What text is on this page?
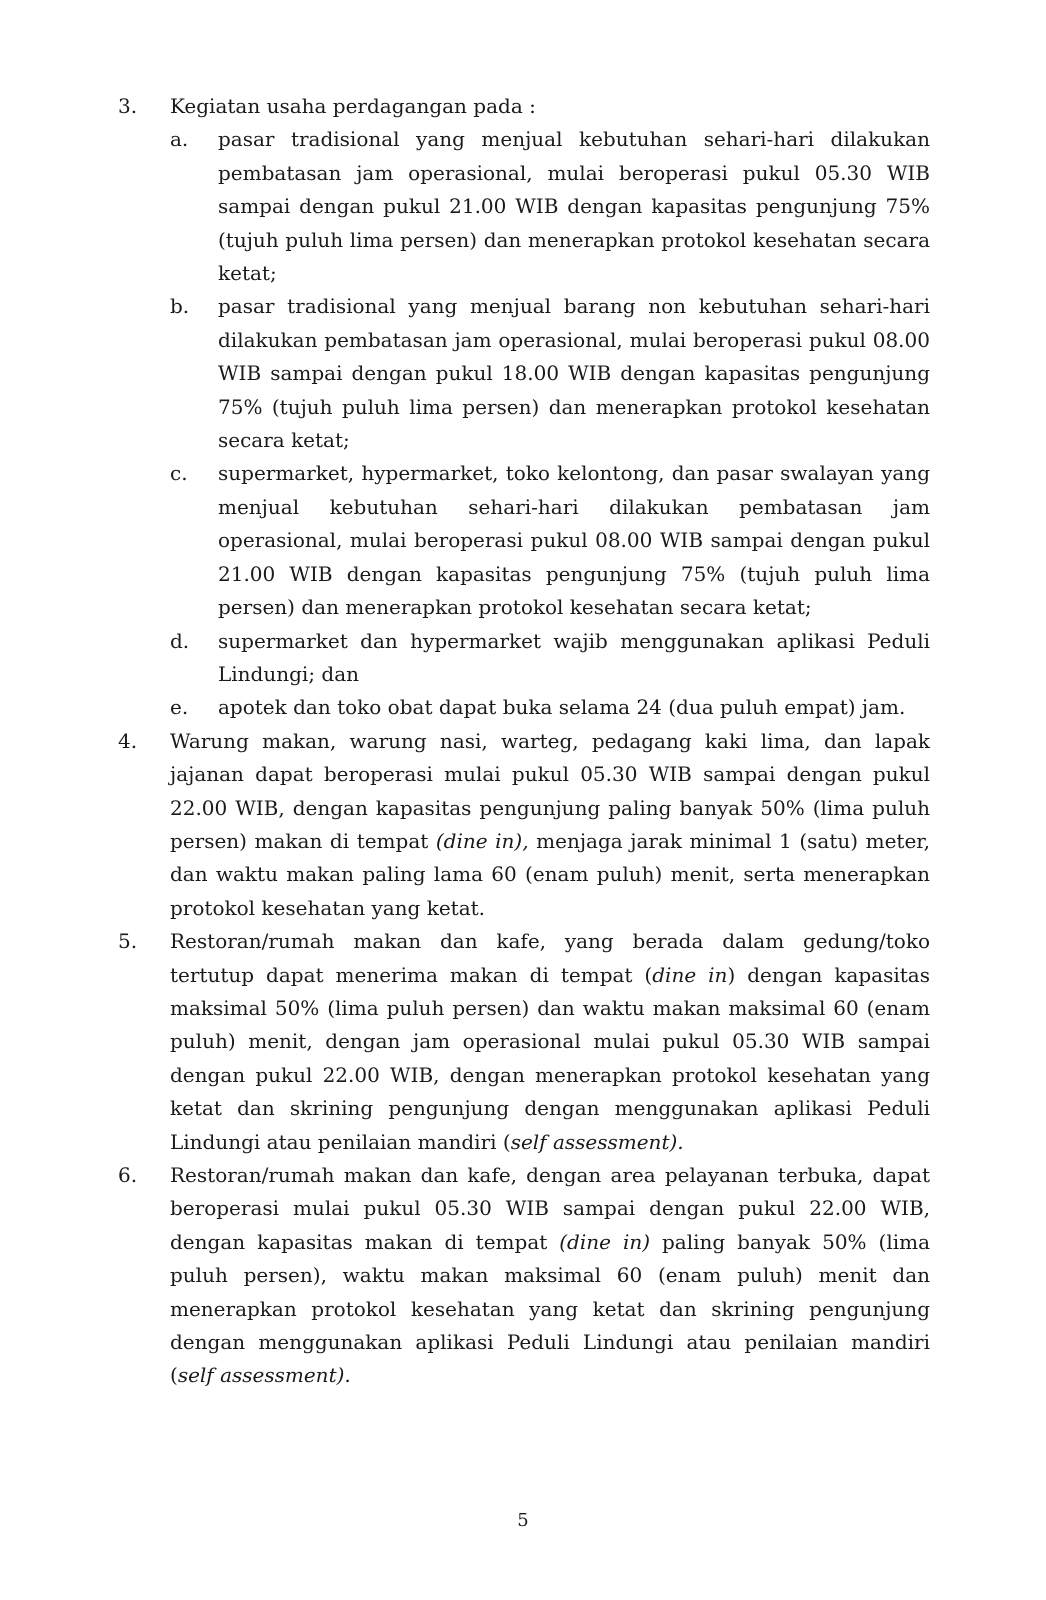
3.	Kegiatan usaha perdagangan pada :
a.	pasar tradisional yang menjual kebutuhan sehari-hari dilakukan pembatasan jam operasional, mulai beroperasi pukul 05.30 WIB sampai dengan pukul 21.00 WIB dengan kapasitas pengunjung 75% (tujuh puluh lima persen) dan menerapkan protokol kesehatan secara ketat;
b.	pasar tradisional yang menjual barang non kebutuhan sehari-hari dilakukan pembatasan jam operasional, mulai beroperasi pukul 08.00 WIB sampai dengan pukul 18.00 WIB dengan kapasitas pengunjung 75% (tujuh puluh lima persen) dan menerapkan protokol kesehatan secara ketat;
c.	supermarket, hypermarket, toko kelontong, dan pasar swalayan yang menjual kebutuhan sehari-hari dilakukan pembatasan jam operasional, mulai beroperasi pukul 08.00 WIB sampai dengan pukul 21.00 WIB dengan kapasitas pengunjung 75% (tujuh puluh lima persen) dan menerapkan protokol kesehatan secara ketat;
d.	supermarket dan hypermarket wajib menggunakan aplikasi Peduli Lindungi; dan
e.	apotek dan toko obat dapat buka selama 24 (dua puluh empat) jam.
4.	Warung makan, warung nasi, warteg, pedagang kaki lima, dan lapak jajanan dapat beroperasi mulai pukul 05.30 WIB sampai dengan pukul 22.00 WIB, dengan kapasitas pengunjung paling banyak 50% (lima puluh persen) makan di tempat (dine in), menjaga jarak minimal 1 (satu) meter, dan waktu makan paling lama 60 (enam puluh) menit, serta menerapkan protokol kesehatan yang ketat.
5.	Restoran/rumah makan dan kafe, yang berada dalam gedung/toko tertutup dapat menerima makan di tempat (dine in) dengan kapasitas maksimal 50% (lima puluh persen) dan waktu makan maksimal 60 (enam puluh) menit, dengan jam operasional mulai pukul 05.30 WIB sampai dengan pukul 22.00 WIB, dengan menerapkan protokol kesehatan yang ketat dan skrining pengunjung dengan menggunakan aplikasi Peduli Lindungi atau penilaian mandiri (self assessment).
6.	Restoran/rumah makan dan kafe, dengan area pelayanan terbuka, dapat beroperasi mulai pukul 05.30 WIB sampai dengan pukul 22.00 WIB, dengan kapasitas makan di tempat (dine in) paling banyak 50% (lima puluh persen), waktu makan maksimal 60 (enam puluh) menit dan menerapkan protokol kesehatan yang ketat dan skrining pengunjung dengan menggunakan aplikasi Peduli Lindungi atau penilaian mandiri (self assessment).
5
